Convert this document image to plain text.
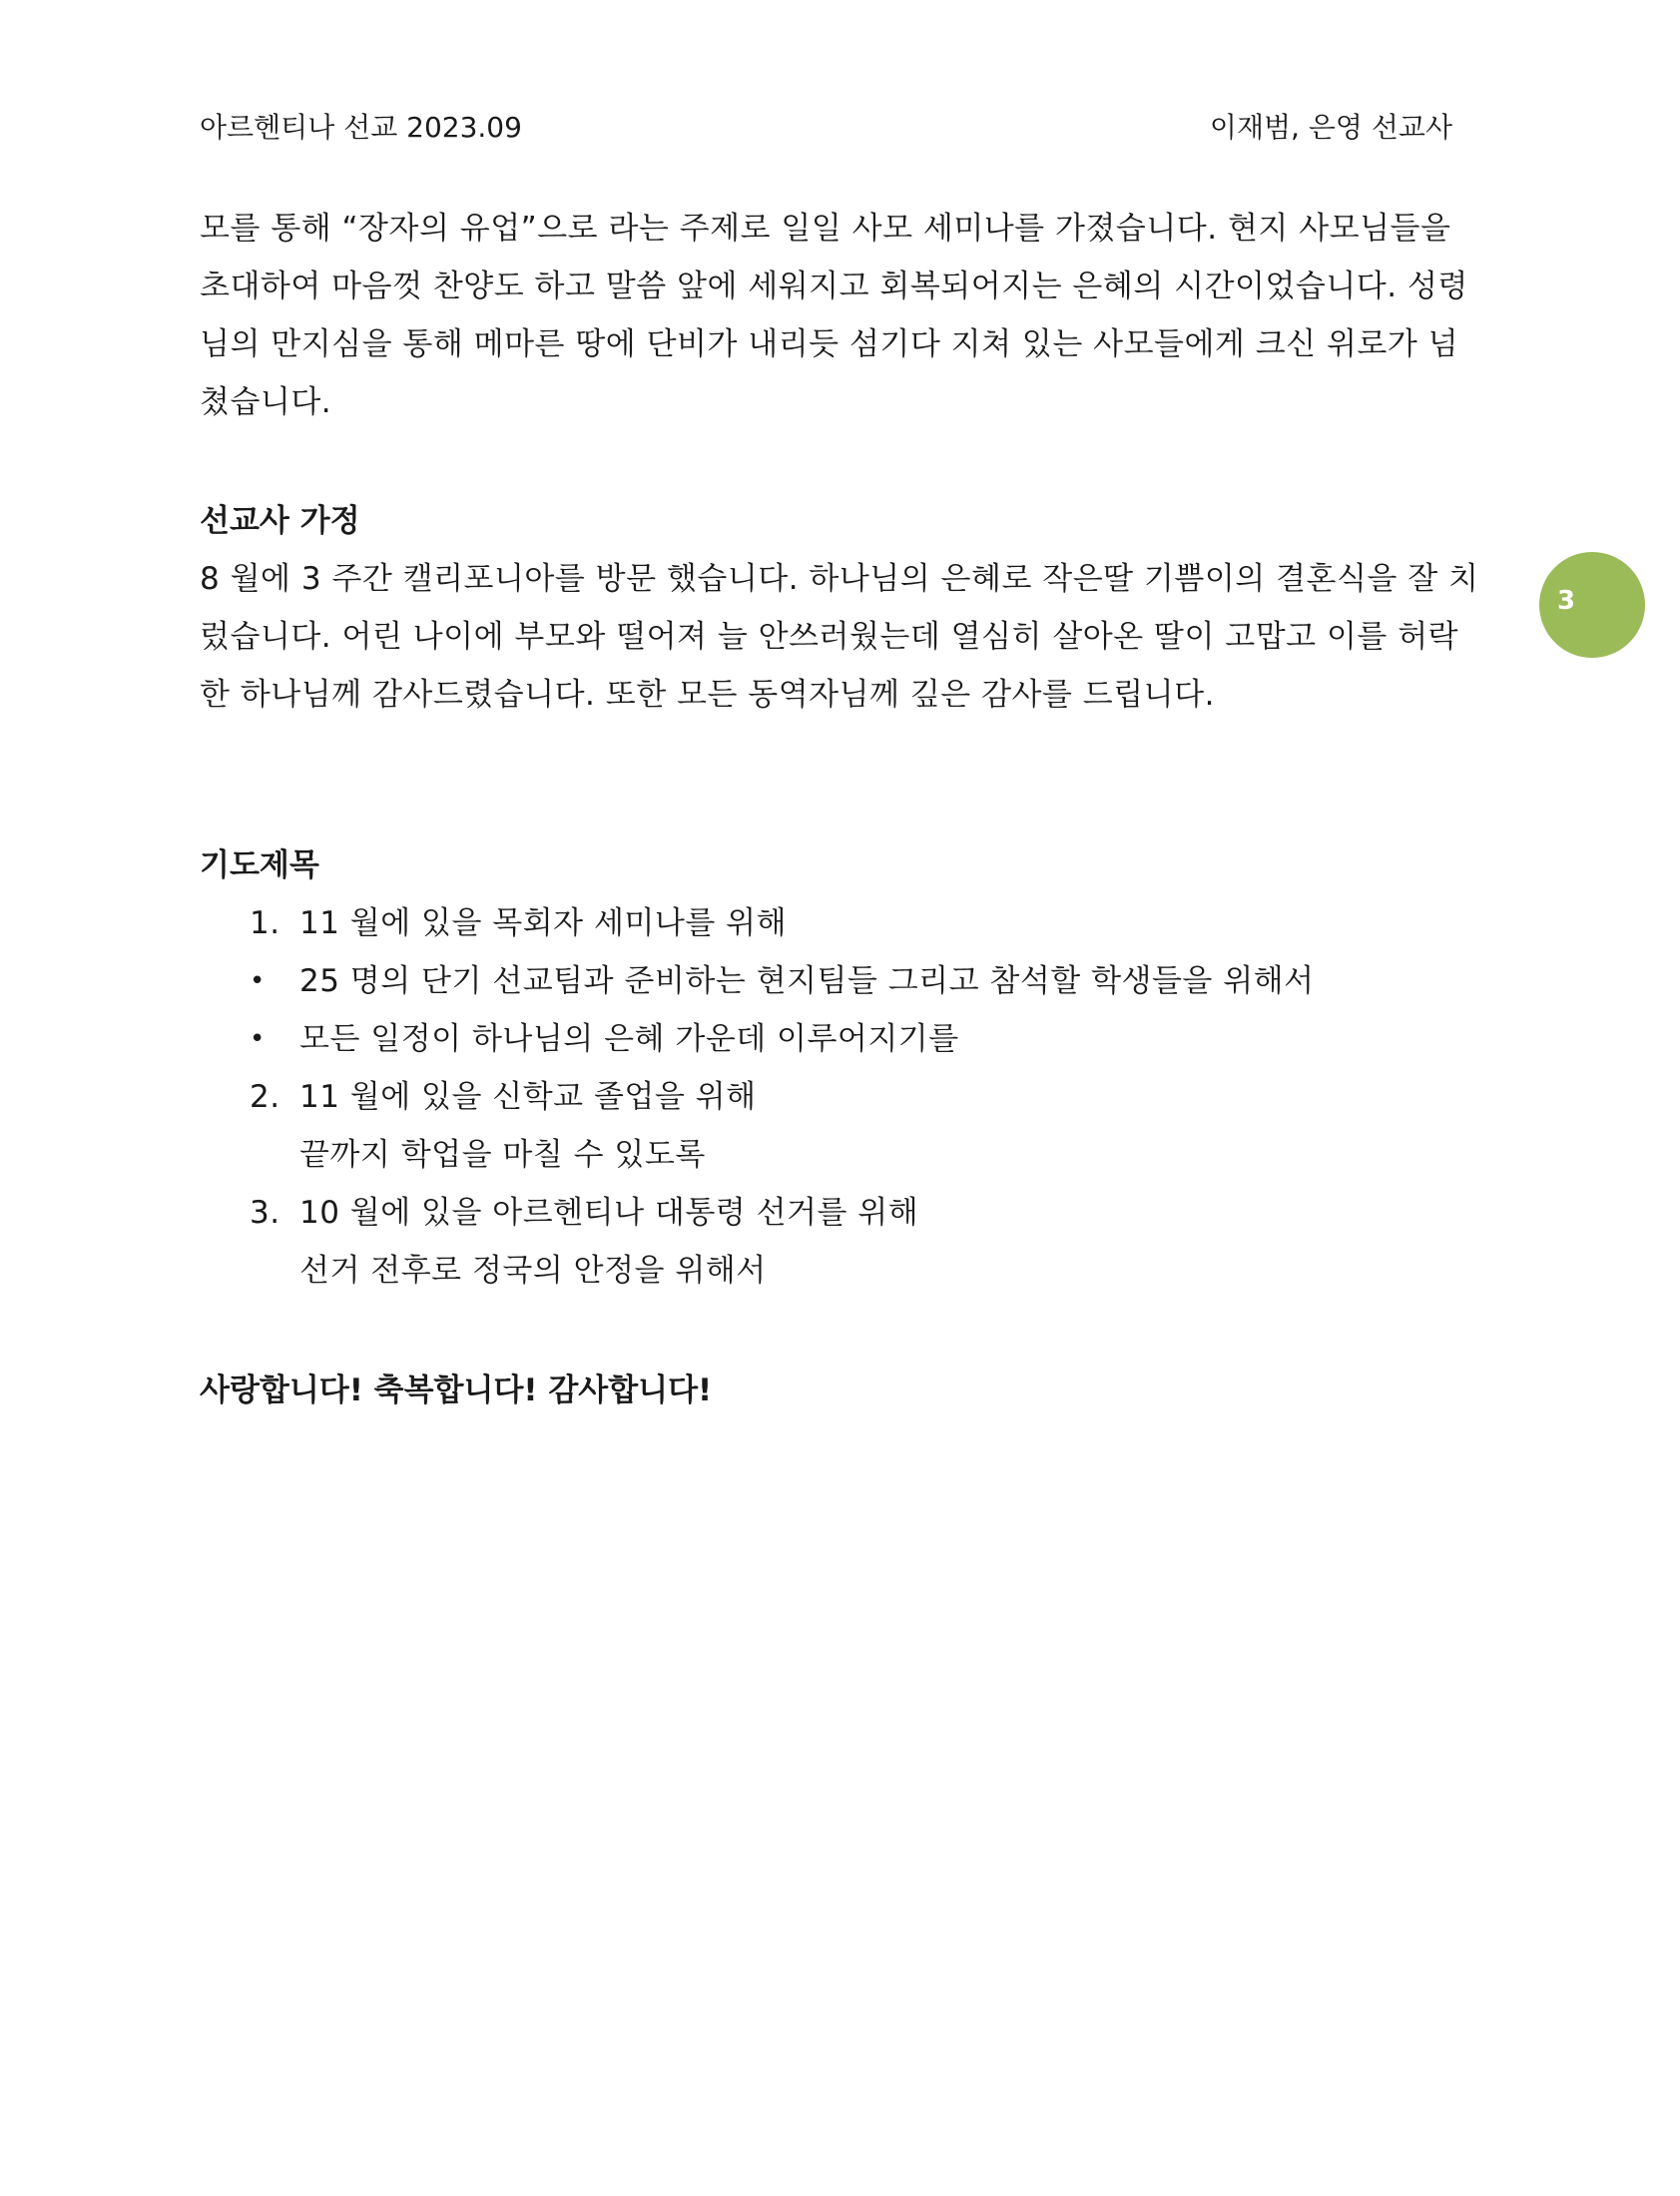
아르헨티나 선교 2023.09	이재범, 은영 선교사
3
모를 통해 “장자의 유업”으로 라는 주제로 일일 사모 세미나를 가졌습니다. 현지 사모님들을 초대하여 마음껏 찬양도 하고 말씀 앞에 세워지고 회복되어지는 은혜의 시간이었습니다. 성령님의 만지심을 통해 메마른 땅에 단비가 내리듯 섬기다 지쳐 있는 사모들에게 크신 위로가 넘쳤습니다.
선교사 가정
8 월에 3 주간 캘리포니아를 방문 했습니다. 하나님의 은혜로 작은딸 기쁨이의 결혼식을 잘 치렀습니다. 어린 나이에 부모와 떨어져 늘 안쓰러웠는데 열심히 살아온 딸이 고맙고 이를 허락한 하나님께 감사드렸습니다. 또한 모든 동역자님께 깊은 감사를 드립니다.
기도제목
1. 11 월에 있을 목회자 세미나를 위해
• 25 명의 단기 선교팀과 준비하는 현지팀들 그리고 참석할 학생들을 위해서
• 모든 일정이 하나님의 은혜 가운데 이루어지기를
2. 11 월에 있을 신학교 졸업을 위해
끝까지 학업을 마칠 수 있도록
3. 10 월에 있을 아르헨티나 대통령 선거를 위해
선거 전후로 정국의 안정을 위해서
사랑합니다! 축복합니다! 감사합니다!
